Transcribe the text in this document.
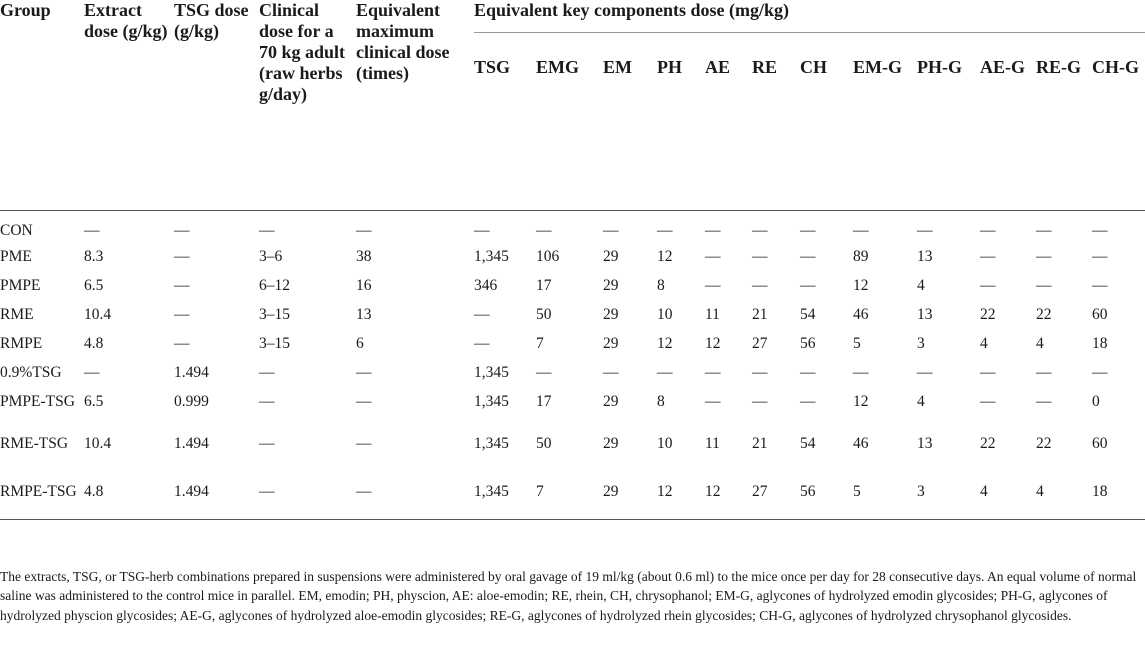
Group	Extract dose (g/kg)	TSG dose (g/kg)	Clinical dose for a 70 kg adult (raw herbs g/day)	Equivalent maximum clinical dose (times)	Equivalent key components dose (mg/kg)											
					TSG	EMG	EM	PH	AE	RE	CH	EM-G	PH-G	AE-G	RE-G	CH-G
CON	—	—	—	—	—	—	—	—	—	—	—	—	—	—	—	—
PME	8.3	—	3–6	38	1,345	106	29	12	—	—	—	89	13	—	—	—
PMPE	6.5	—	6–12	16	346	17	29	8	—	—	—	12	4	—	—	—
RME	10.4	—	3–15	13	—	50	29	10	11	21	54	46	13	22	22	60
RMPE	4.8	—	3–15	6	—	7	29	12	12	27	56	5	3	4	4	18
0.9%TSG	—	1.494	—	—	1,345	—	—	—	—	—	—	—	—	—	—	—
PMPE-TSG	6.5	0.999	—	—	1,345	17	29	8	—	—	—	12	4	—	—	0
RME-TSG	10.4	1.494	—	—	1,345	50	29	10	11	21	54	46	13	22	22	60
RMPE-TSG	4.8	1.494	—	—	1,345	7	29	12	12	27	56	5	3	4	4	18
The extracts, TSG, or TSG-herb combinations prepared in suspensions were administered by oral gavage of 19 ml/kg (about 0.6 ml) to the mice once per day for 28 consecutive days. An equal volume of normal saline was administered to the control mice in parallel. EM, emodin; PH, physcion, AE: aloe-emodin; RE, rhein, CH, chrysophanol; EM-G, aglycones of hydrolyzed emodin glycosides; PH-G, aglycones of hydrolyzed physcion glycosides; AE-G, aglycones of hydrolyzed aloe-emodin glycosides; RE-G, aglycones of hydrolyzed rhein glycosides; CH-G, aglycones of hydrolyzed chrysophanol glycosides.
